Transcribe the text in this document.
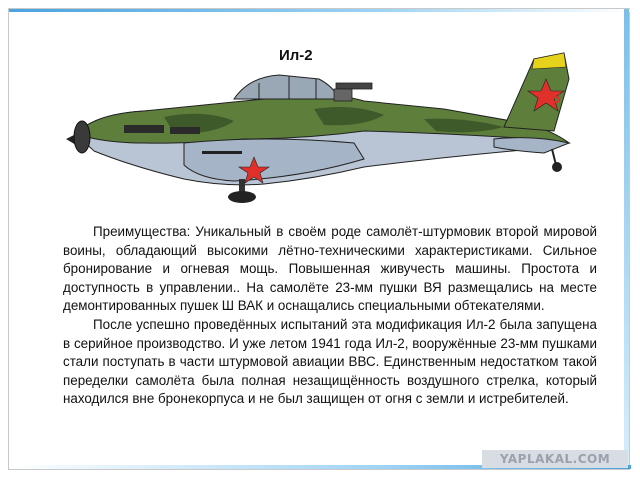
5
Ил-2

Преимущества: Уникальный в своём роде самолёт-штурмовик второй мировой воины, обладающий высокими лётно-техническими характеристиками. Сильное бронирование и огневая мощь. Повышенная живучесть машины. Простота и доступность в управлении.. На самолёте 23-мм пушки ВЯ размещались на месте демонтированных пушек Ш ВАК и оснащались специальными обтекателями.

После успешно проведённых испытаний эта модификация Ил-2 была запущена в серийное производство. И уже летом 1941 года Ил-2, вооружённые 23-мм пушками стали поступать в части штурмовой авиации ВВС. Единственным недостатком такой переделки самолёта была полная незащищённость воздушного стрелка, который находился вне бронекорпуса и не был защищен от огня с земли и истребителей.

YAPLAKAL.COM
